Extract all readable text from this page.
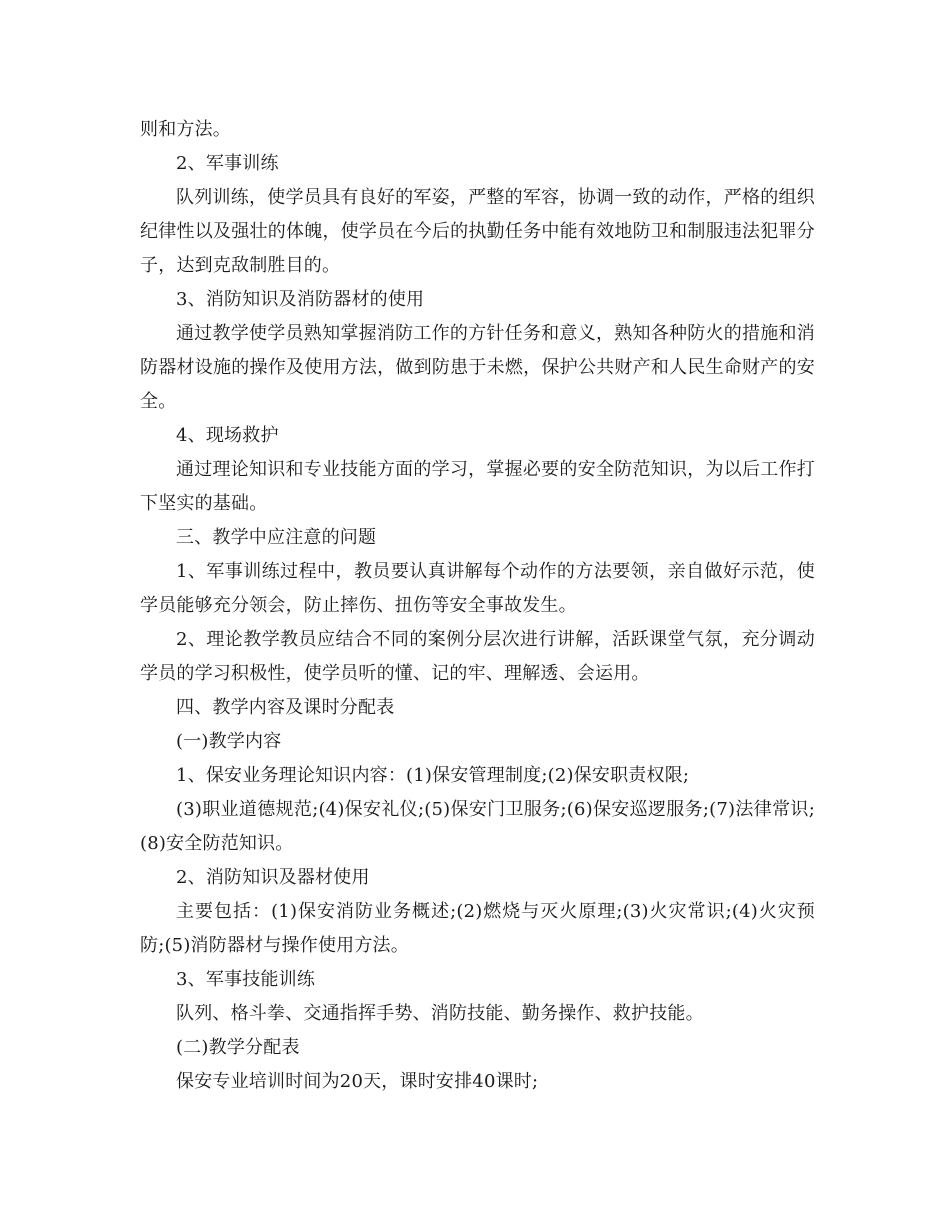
则和方法。

2、军事训练

队列训练，使学员具有良好的军姿，严整的军容，协调一致的动作，严格的组织纪律性以及强壮的体魄，使学员在今后的执勤任务中能有效地防卫和制服违法犯罪分子，达到克敌制胜目的。

3、消防知识及消防器材的使用

通过教学使学员熟知掌握消防工作的方针任务和意义，熟知各种防火的措施和消防器材设施的操作及使用方法，做到防患于未燃，保护公共财产和人民生命财产的安全。

4、现场救护

通过理论知识和专业技能方面的学习，掌握必要的安全防范知识，为以后工作打下坚实的基础。

三、教学中应注意的问题

1、军事训练过程中，教员要认真讲解每个动作的方法要领，亲自做好示范，使学员能够充分领会，防止摔伤、扭伤等安全事故发生。

2、理论教学教员应结合不同的案例分层次进行讲解，活跃课堂气氛，充分调动学员的学习积极性，使学员听的懂、记的牢、理解透、会运用。

四、教学内容及课时分配表

(一)教学内容

1、保安业务理论知识内容：(1)保安管理制度;(2)保安职责权限;

(3)职业道德规范;(4)保安礼仪;(5)保安门卫服务;(6)保安巡逻服务;(7)法律常识;(8)安全防范知识。

2、消防知识及器材使用

主要包括：(1)保安消防业务概述;(2)燃烧与灭火原理;(3)火灾常识;(4)火灾预防;(5)消防器材与操作使用方法。

3、军事技能训练

队列、格斗拳、交通指挥手势、消防技能、勤务操作、救护技能。

(二)教学分配表

保安专业培训时间为20天，课时安排40课时;
